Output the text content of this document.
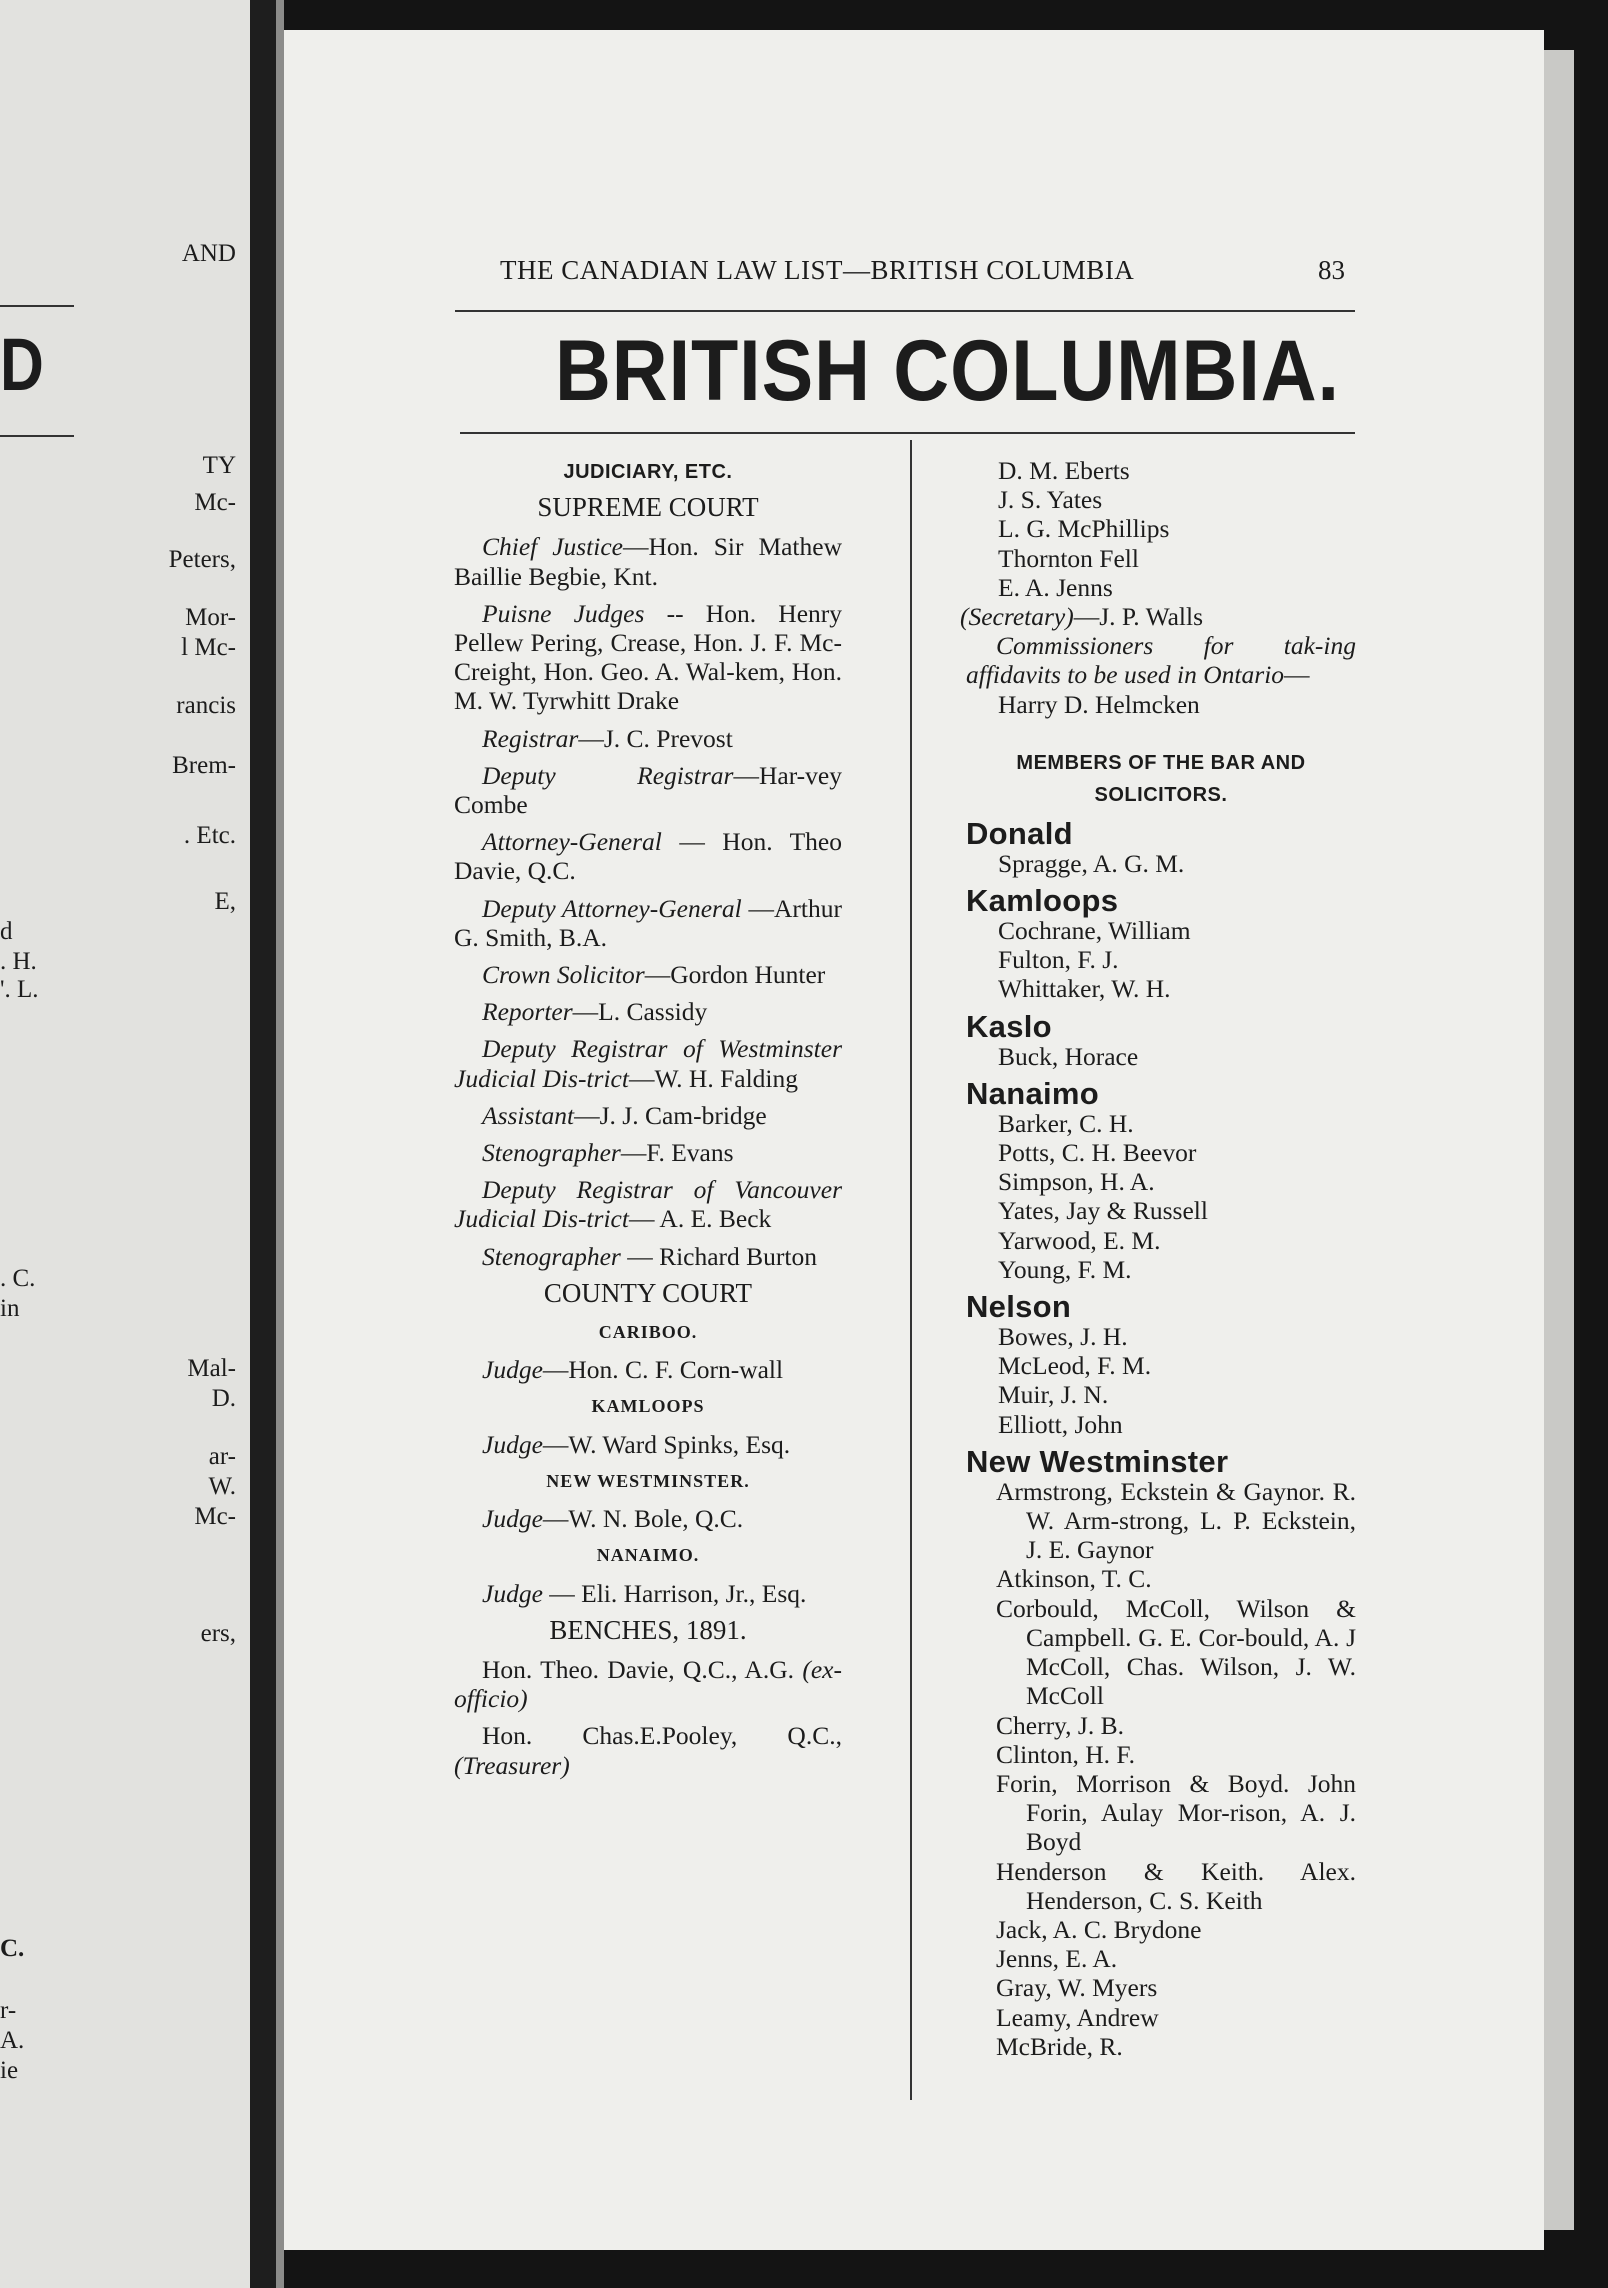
AND
D
TY
Mc-
Peters,
Mor-
l Mc-
rancis
Brem-
. Etc.
E,
d
. H.
'. L.
. C.
in
Mal-
D.
ar-
W.
Mc-
ers,
C.
r-
A.
ie
THE CANADIAN LAW LIST—BRITISH COLUMBIA	83
BRITISH COLUMBIA.
JUDICIARY, ETC.
SUPREME COURT
Chief Justice—Hon. Sir Mathew Baillie Begbie, Knt.
Puisne Judges -- Hon. Henry Pellew Pering, Crease, Hon. J. F. Mc-Creight, Hon. Geo. A. Wal-kem, Hon. M. W. Tyrwhitt Drake
Registrar—J. C. Prevost
Deputy Registrar—Har-vey Combe
Attorney-General — Hon. Theo Davie, Q.C.
Deputy Attorney-General —Arthur G. Smith, B.A.
Crown Solicitor—Gordon Hunter
Reporter—L. Cassidy
Deputy Registrar of Westminster Judicial Dis-trict—W. H. Falding
Assistant—J. J. Cam-bridge
Stenographer—F. Evans
Deputy Registrar of Vancouver Judicial Dis-trict— A. E. Beck
Stenographer — Richard Burton
COUNTY COURT
CARIBOO.
Judge—Hon. C. F. Corn-wall
KAMLOOPS
Judge—W. Ward Spinks, Esq.
NEW WESTMINSTER.
Judge—W. N. Bole, Q.C.
NANAIMO.
Judge — Eli. Harrison, Jr., Esq.
BENCHES, 1891.
Hon. Theo. Davie, Q.C., A.G. (ex-officio)
Hon. Chas.E.Pooley, Q.C., (Treasurer)
D. M. Eberts
J. S. Yates
L. G. McPhillips
Thornton Fell
E. A. Jenns
(Secretary)—J. P. Walls
Commissioners for tak-ing affidavits to be used in Ontario—
Harry D. Helmcken
MEMBERS OF THE BAR AND SOLICITORS.
Donald
Spragge, A. G. M.
Kamloops
Cochrane, William
Fulton, F. J.
Whittaker, W. H.
Kaslo
Buck, Horace
Nanaimo
Barker, C. H.
Potts, C. H. Beevor
Simpson, H. A.
Yates, Jay & Russell
Yarwood, E. M.
Young, F. M.
Nelson
Bowes, J. H.
McLeod, F. M.
Muir, J. N.
Elliott, John
New Westminster
Armstrong, Eckstein & Gaynor. R. W. Arm-strong, L. P. Eckstein, J. E. Gaynor
Atkinson, T. C.
Corbould, McColl, Wilson & Campbell. G. E. Cor-bould, A. J McColl, Chas. Wilson, J. W. McColl
Cherry, J. B.
Clinton, H. F.
Forin, Morrison & Boyd. John Forin, Aulay Mor-rison, A. J. Boyd
Henderson & Keith. Alex. Henderson, C. S. Keith
Jack, A. C. Brydone
Jenns, E. A.
Gray, W. Myers
Leamy, Andrew
McBride, R.
